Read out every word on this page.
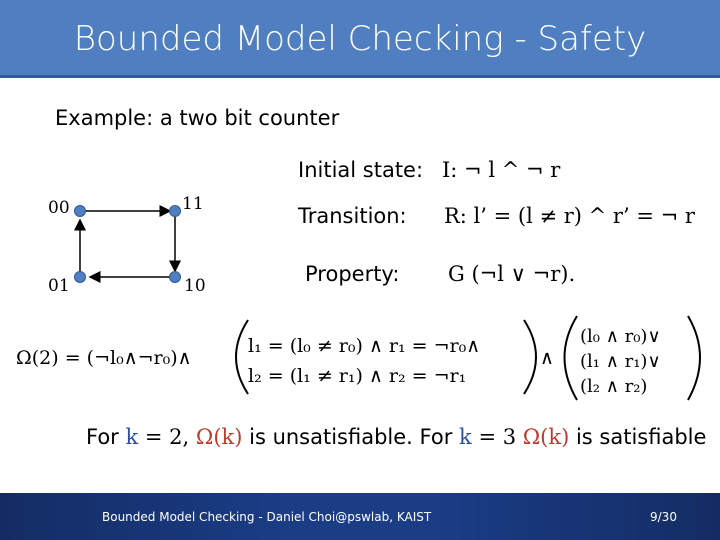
Bounded Model Checking - Safety
Example: a two bit counter
00	11
01	10
Initial state: I: ¬ l ^ ¬ r
Transition: R: l’ = (l ≠ r) ^ r’ = ¬ r
Property: G (¬l ∨ ¬r).
Ω(2) = (¬l₀∧¬r₀)∧
l₁ = (l₀ ≠ r₀) ∧ r₁ = ¬r₀∧
l₂ = (l₁ ≠ r₁) ∧ r₂ = ¬r₁
∧
(l₀ ∧ r₀)∨
(l₁ ∧ r₁)∨
(l₂ ∧ r₂)
For k = 2, Ω(k) is unsatisfiable. For k = 3 Ω(k) is satisfiable
Bounded Model Checking - Daniel Choi@pswlab, KAIST	9/30
